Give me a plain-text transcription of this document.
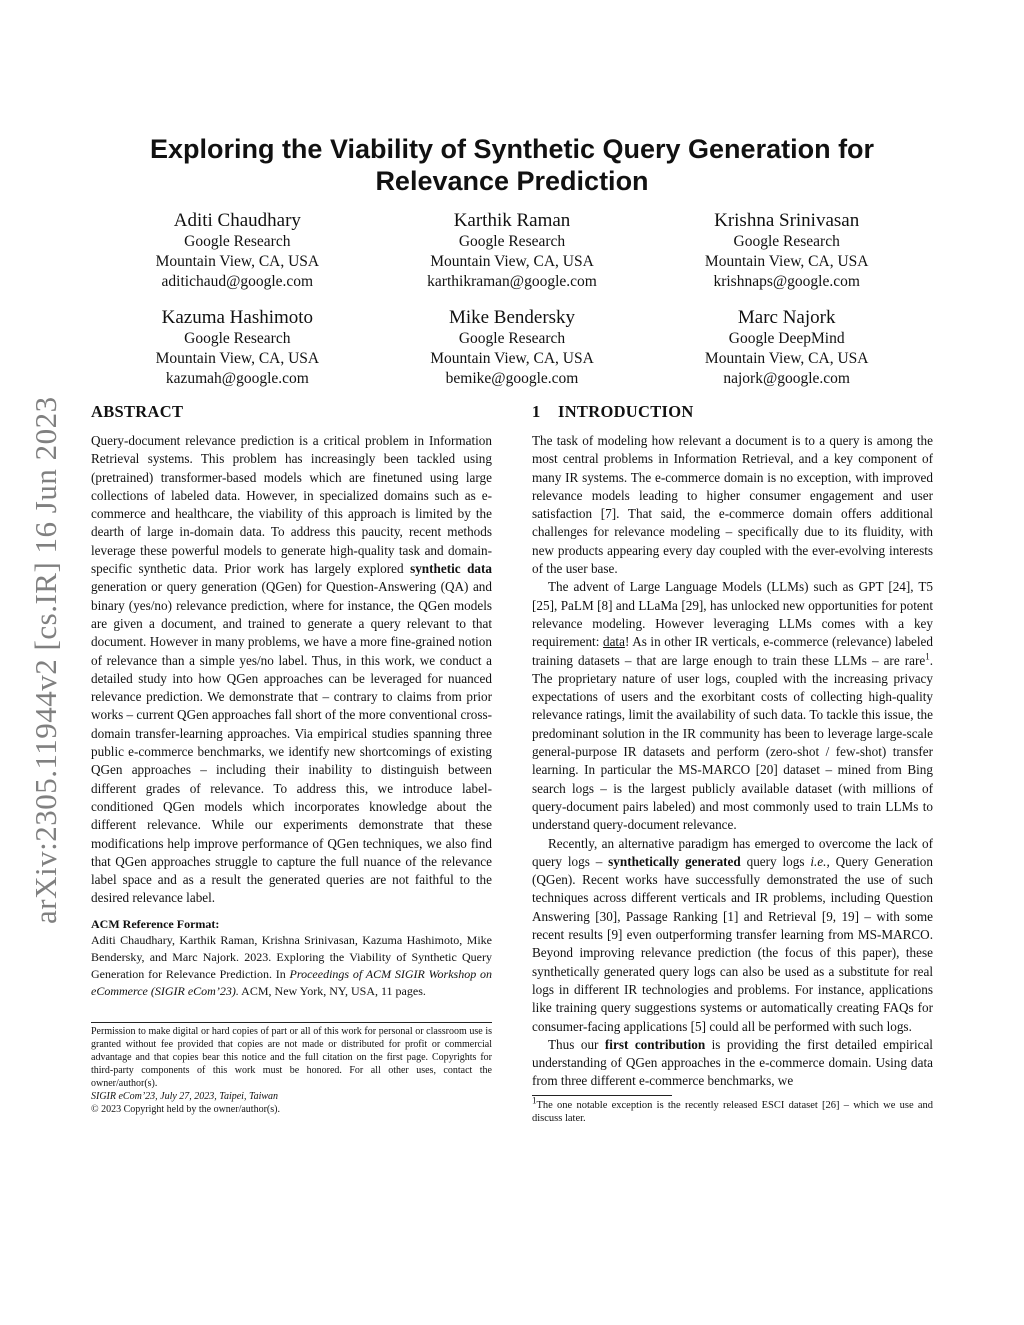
arXiv:2305.11944v2 [cs.IR] 16 Jun 2023
Exploring the Viability of Synthetic Query Generation for
Relevance Prediction
Aditi Chaudhary
Google Research
Mountain View, CA, USA
aditichaud@google.com
Karthik Raman
Google Research
Mountain View, CA, USA
karthikraman@google.com
Krishna Srinivasan
Google Research
Mountain View, CA, USA
krishnaps@google.com
Kazuma Hashimoto
Google Research
Mountain View, CA, USA
kazumah@google.com
Mike Bendersky
Google Research
Mountain View, CA, USA
bemike@google.com
Marc Najork
Google DeepMind
Mountain View, CA, USA
najork@google.com
ABSTRACT

Query-document relevance prediction is a critical problem in Information Retrieval systems. This problem has increasingly been tackled using (pretrained) transformer-based models which are finetuned using large collections of labeled data. However, in specialized domains such as e-commerce and healthcare, the viability of this approach is limited by the dearth of large in-domain data. To address this paucity, recent methods leverage these powerful models to generate high-quality task and domain-specific synthetic data. Prior work has largely explored synthetic data generation or query generation (QGen) for Question-Answering (QA) and binary (yes/no) relevance prediction, where for instance, the QGen models are given a document, and trained to generate a query relevant to that document. However in many problems, we have a more fine-grained notion of relevance than a simple yes/no label. Thus, in this work, we conduct a detailed study into how QGen approaches can be leveraged for nuanced relevance prediction. We demonstrate that – contrary to claims from prior works – current QGen approaches fall short of the more conventional cross-domain transfer-learning approaches. Via empirical studies spanning three public e-commerce benchmarks, we identify new shortcomings of existing QGen approaches – including their inability to distinguish between different grades of relevance. To address this, we introduce label-conditioned QGen models which incorporates knowledge about the different relevance. While our experiments demonstrate that these modifications help improve performance of QGen techniques, we also find that QGen approaches struggle to capture the full nuance of the relevance label space and as a result the generated queries are not faithful to the desired relevance label.

ACM Reference Format:
Aditi Chaudhary, Karthik Raman, Krishna Srinivasan, Kazuma Hashimoto, Mike Bendersky, and Marc Najork. 2023. Exploring the Viability of Synthetic Query Generation for Relevance Prediction. In Proceedings of ACM SIGIR Workshop on eCommerce (SIGIR eCom’23). ACM, New York, NY, USA, 11 pages.
Permission to make digital or hard copies of part or all of this work for personal or classroom use is granted without fee provided that copies are not made or distributed for profit or commercial advantage and that copies bear this notice and the full citation on the first page. Copyrights for third-party components of this work must be honored. For all other uses, contact the owner/author(s).
SIGIR eCom’23, July 27, 2023, Taipei, Taiwan
© 2023 Copyright held by the owner/author(s).
1 INTRODUCTION

The task of modeling how relevant a document is to a query is among the most central problems in Information Retrieval, and a key component of many IR systems. The e-commerce domain is no exception, with improved relevance models leading to higher consumer engagement and user satisfaction [7]. That said, the e-commerce domain offers additional challenges for relevance modeling – specifically due to its fluidity, with new products appearing every day coupled with the ever-evolving interests of the user base.

The advent of Large Language Models (LLMs) such as GPT [24], T5 [25], PaLM [8] and LLaMa [29], has unlocked new opportunities for potent relevance modeling. However leveraging LLMs comes with a key requirement: data! As in other IR verticals, e-commerce (relevance) labeled training datasets – that are large enough to train these LLMs – are rare$^1$. The proprietary nature of user logs, coupled with the increasing privacy expectations of users and the exorbitant costs of collecting high-quality relevance ratings, limit the availability of such data. To tackle this issue, the predominant solution in the IR community has been to leverage large-scale general-purpose IR datasets and perform (zero-shot / few-shot) transfer learning. In particular the MS-MARCO [20] dataset – mined from Bing search logs – is the largest publicly available dataset (with millions of query-document pairs labeled) and most commonly used to train LLMs to understand query-document relevance.

Recently, an alternative paradigm has emerged to overcome the lack of query logs – synthetically generated query logs i.e., Query Generation (QGen). Recent works have successfully demonstrated the use of such techniques across different verticals and IR problems, including Question Answering [30], Passage Ranking [1] and Retrieval [9, 19] – with some recent results [9] even outperforming transfer learning from MS-MARCO. Beyond improving relevance prediction (the focus of this paper), these synthetically generated query logs can also be used as a substitute for real logs in different IR technologies and problems. For instance, applications like training query suggestions systems or automatically creating FAQs for consumer-facing applications [5] could all be performed with such logs.

Thus our first contribution is providing the first detailed empirical understanding of QGen approaches in the e-commerce domain. Using data from three different e-commerce benchmarks, we

$^1$The one notable exception is the recently released ESCI dataset [26] – which we use and discuss later.
